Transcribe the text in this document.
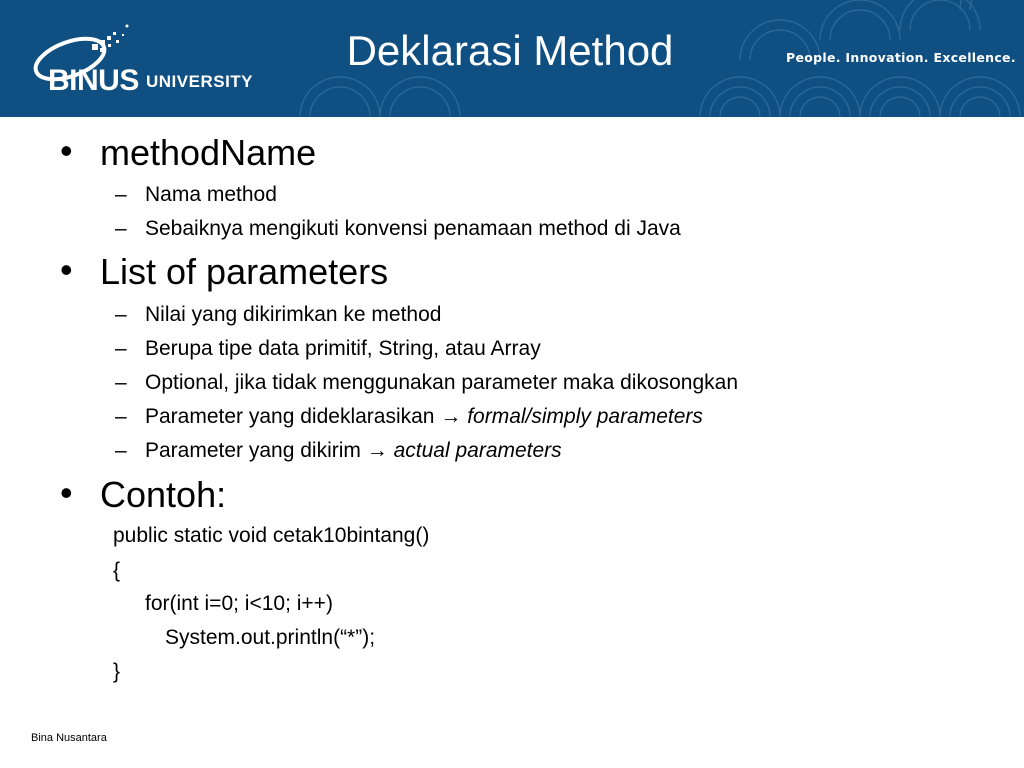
BINUS UNIVERSITY
Deklarasi Method	People. Innovation. Excellence.
• methodName
– Nama method
– Sebaiknya mengikuti konvensi penamaan method di Java
• List of parameters
– Nilai yang dikirimkan ke method
– Berupa tipe data primitif, String, atau Array
– Optional, jika tidak menggunakan parameter maka dikosongkan
– Parameter yang dideklarasikan → formal/simply parameters
– Parameter yang dikirim → actual parameters
• Contoh:
public static void cetak10bintang()
{
for(int i=0; i<10; i++)
System.out.println(“*”);
}
Bina Nusantara
